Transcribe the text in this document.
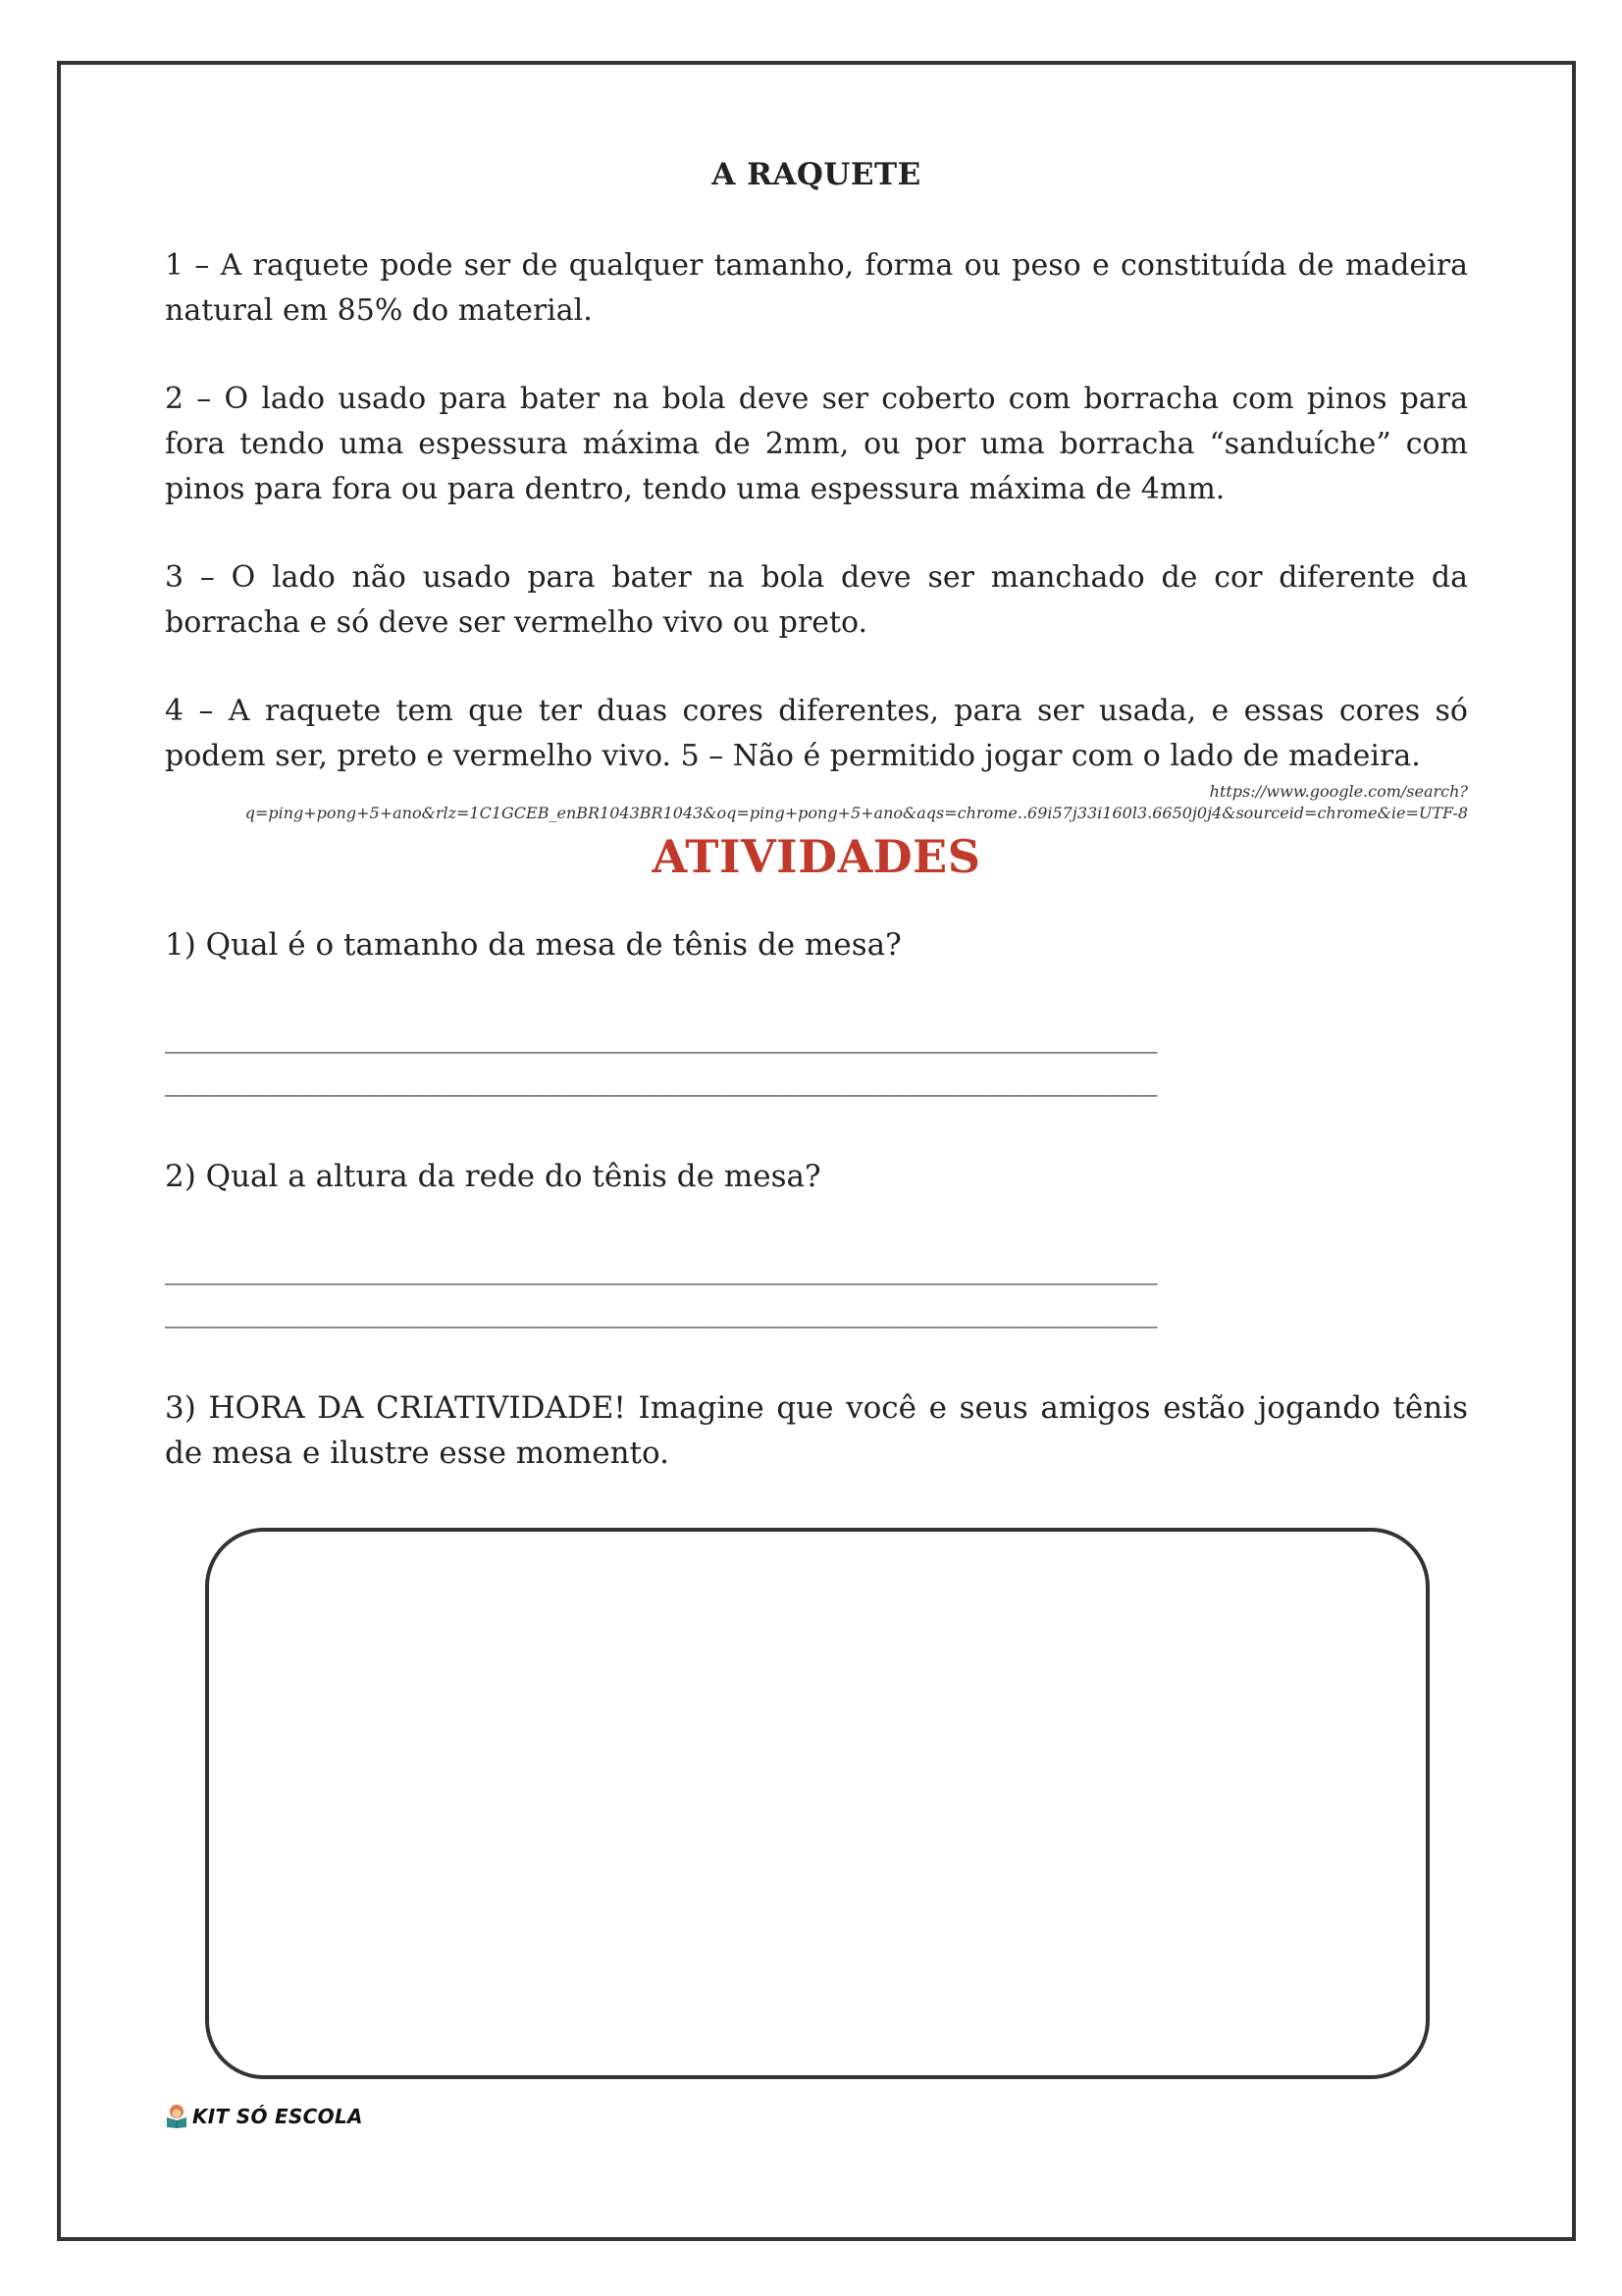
A RAQUETE

1 – A raquete pode ser de qualquer tamanho, forma ou peso e constituída de madeira natural em 85% do material.

2 – O lado usado para bater na bola deve ser coberto com borracha com pinos para fora tendo uma espessura máxima de 2mm, ou por uma borracha “sanduíche” com pinos para fora ou para dentro, tendo uma espessura máxima de 4mm.

3 – O lado não usado para bater na bola deve ser manchado de cor diferente da borracha e só deve ser vermelho vivo ou preto.

4 – A raquete tem que ter duas cores diferentes, para ser usada, e essas cores só podem ser, preto e vermelho vivo. 5 – Não é permitido jogar com o lado de madeira.

https://www.google.com/search?
q=ping+pong+5+ano&rlz=1C1GCEB_enBR1043BR1043&oq=ping+pong+5+ano&aqs=chrome..69i57j33i160l3.6650j0j4&sourceid=chrome&ie=UTF-8
ATIVIDADES

1) Qual é o tamanho da mesa de tênis de mesa?

____________________________________________________________
____________________________________________________________

2) Qual a altura da rede do tênis de mesa?

____________________________________________________________
____________________________________________________________

3) HORA DA CRIATIVIDADE! Imagine que você e seus amigos estão jogando tênis de mesa e ilustre esse momento.

KIT SÓ ESCOLA
